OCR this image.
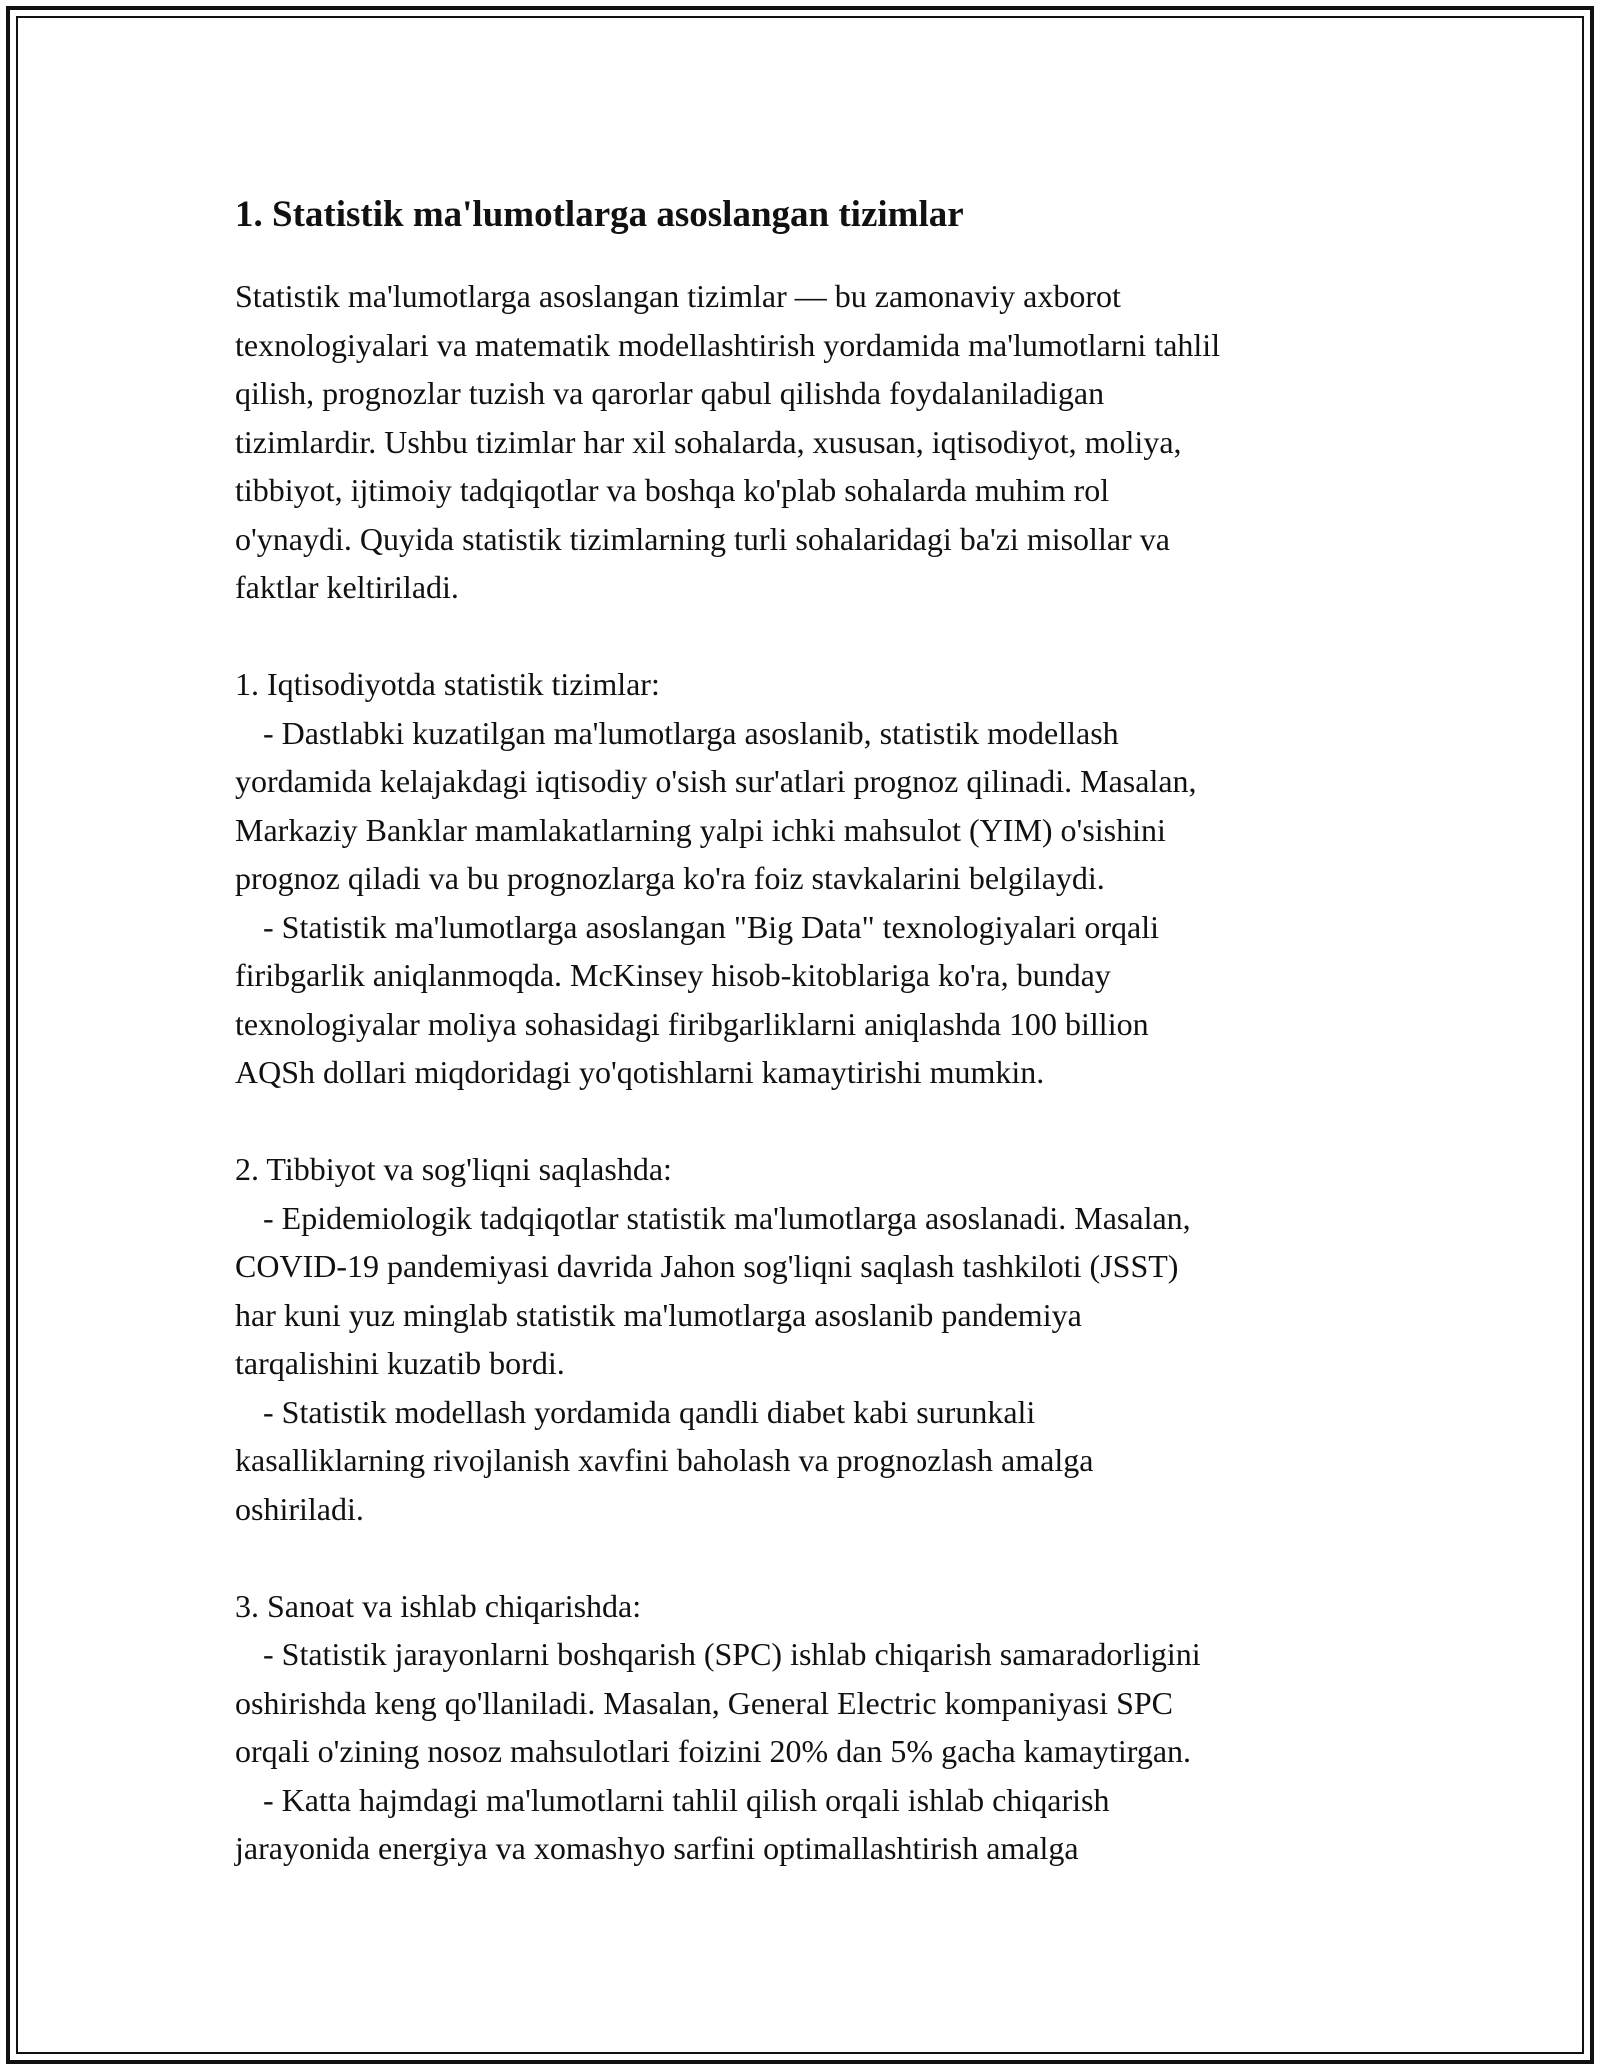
1. Statistik ma'lumotlarga asoslangan tizimlar

Statistik ma'lumotlarga asoslangan tizimlar — bu zamonaviy axborot
texnologiyalari va matematik modellashtirish yordamida ma'lumotlarni tahlil
qilish, prognozlar tuzish va qarorlar qabul qilishda foydalaniladigan
tizimlardir. Ushbu tizimlar har xil sohalarda, xususan, iqtisodiyot, moliya,
tibbiyot, ijtimoiy tadqiqotlar va boshqa ko'plab sohalarda muhim rol
o'ynaydi. Quyida statistik tizimlarning turli sohalaridagi ba'zi misollar va
faktlar keltiriladi.

1. Iqtisodiyotda statistik tizimlar:

- Dastlabki kuzatilgan ma'lumotlarga asoslanib, statistik modellash
yordamida kelajakdagi iqtisodiy o'sish sur'atlari prognoz qilinadi. Masalan,
Markaziy Banklar mamlakatlarning yalpi ichki mahsulot (YIM) o'sishini
prognoz qiladi va bu prognozlarga ko'ra foiz stavkalarini belgilaydi.

- Statistik ma'lumotlarga asoslangan "Big Data" texnologiyalari orqali
firibgarlik aniqlanmoqda. McKinsey hisob-kitoblariga ko'ra, bunday
texnologiyalar moliya sohasidagi firibgarliklarni aniqlashda 100 billion
AQSh dollari miqdoridagi yo'qotishlarni kamaytirishi mumkin.

2. Tibbiyot va sog'liqni saqlashda:

- Epidemiologik tadqiqotlar statistik ma'lumotlarga asoslanadi. Masalan,
COVID-19 pandemiyasi davrida Jahon sog'liqni saqlash tashkiloti (JSST)
har kuni yuz minglab statistik ma'lumotlarga asoslanib pandemiya
tarqalishini kuzatib bordi.

- Statistik modellash yordamida qandli diabet kabi surunkali
kasalliklarning rivojlanish xavfini baholash va prognozlash amalga
oshiriladi.

3. Sanoat va ishlab chiqarishda:

- Statistik jarayonlarni boshqarish (SPC) ishlab chiqarish samaradorligini
oshirishda keng qo'llaniladi. Masalan, General Electric kompaniyasi SPC
orqali o'zining nosoz mahsulotlari foizini 20% dan 5% gacha kamaytirgan.

- Katta hajmdagi ma'lumotlarni tahlil qilish orqali ishlab chiqarish
jarayonida energiya va xomashyo sarfini optimallashtirish amalga
